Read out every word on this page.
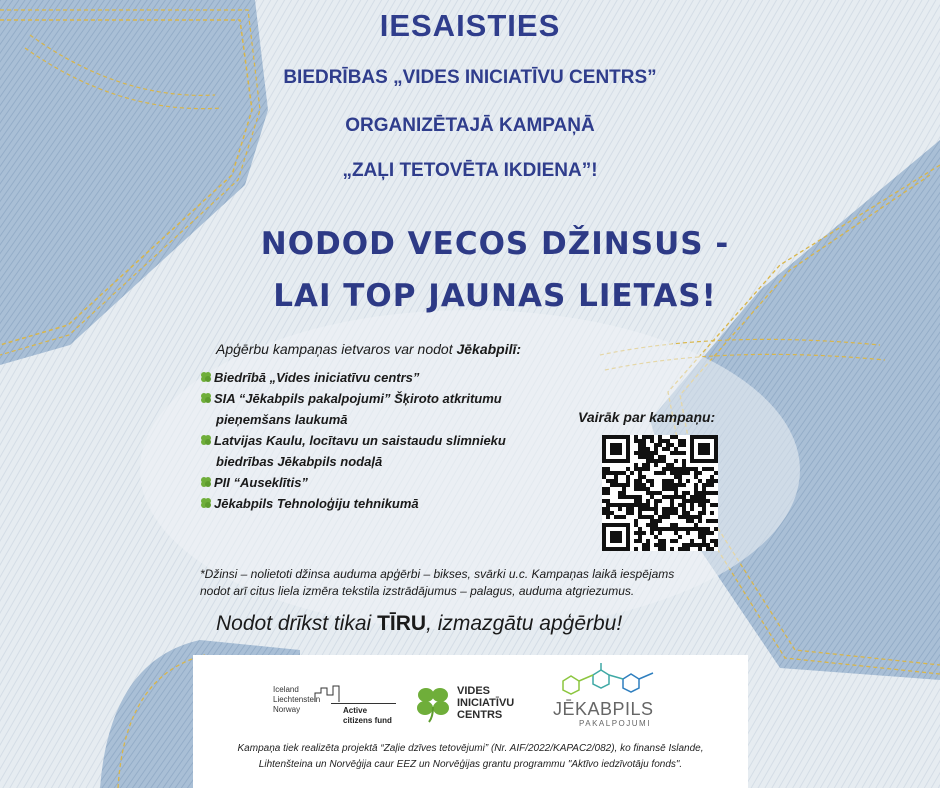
IESAISTIES
BIEDRĪBAS „VIDES INICIATĪVU CENTRS”
ORGANIZĒTAJĀ KAMPAŅĀ
„ZAĻI TETOVĒTA IKDIENA”!
NODOD VECOS DŽINSUS -
LAI TOP JAUNAS LIETAS!
Apģērbu kampaņas ietvaros var nodot Jēkabpilī:
Biedrībā „Vides iniciatīvu centrs”
SIA “Jēkabpils pakalpojumi” Šķiroto atkritumu
pieņemšans laukumā
Latvijas Kaulu, locītavu un saistaudu slimnieku
biedrības Jēkabpils nodaļā
PII “Auseklītis”
Jēkabpils Tehnoloģiju tehnikumā
Vairāk par kampaņu:
*Džinsi – nolietoti džinsa auduma apģērbi – bikses, svārki u.c. Kampaņas laikā iespējams
nodot arī citus liela izmēra tekstila izstrādājumus – palagus, auduma atgriezumus.
Nodot drīkst tikai TĪRU, izmazgātu apģērbu!
Iceland
Liechtenstein
Norway	Active
citizens fund
VIDES
INICIATĪVU
CENTRS	JĒKABPILS
PAKALPOJUMI
Kampaņa tiek realizēta projektā “Zaļie dzīves tetovējumi” (Nr. AIF/2022/KAPAC2/082), ko finansē Islande,
Lihtenšteina un Norvēģija caur EEZ un Norvēģijas grantu programmu "Aktīvo iedzīvotāju fonds".
